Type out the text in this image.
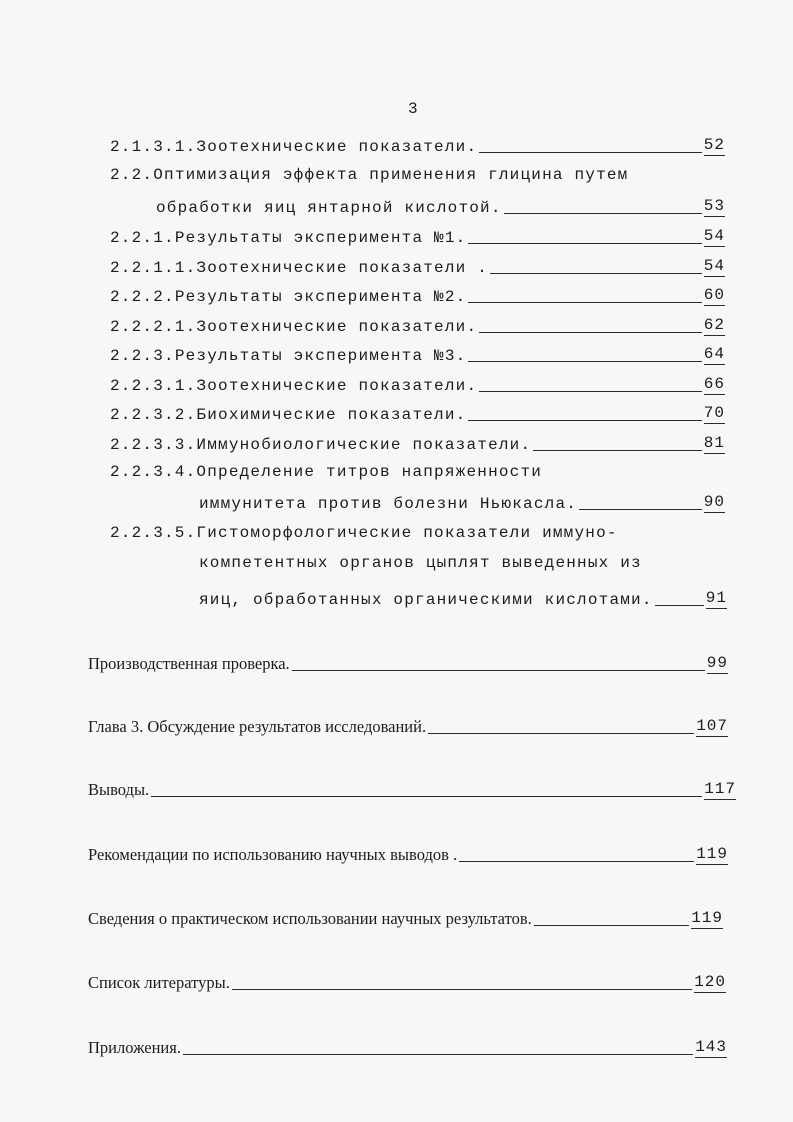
3
2.1.3.1. Зоотехнические показатели.	52
2.2.Оптимизация эффекта применения глицина путем
обработки яиц янтарной кислотой.	53
2.2.1. Результаты эксперимента №1.	54
2.2.1.1. Зоотехнические показатели .	54
2.2.2. Результаты эксперимента №2.	60
2.2.2.1. Зоотехнические показатели.	62
2.2.3. Результаты эксперимента №3.	64
2.2.3.1. Зоотехнические показатели.	66
2.2.3.2. Биохимические показатели.	70
2.2.3.3. Иммунобиологические показатели.	81
2.2.3.4.Определение титров напряженности
иммунитета против болезни Ньюкасла.	90
2.2.3.5.Гистоморфологические показатели иммуно-
компетентных органов цыплят выведенных из
яиц, обработанных органическими кислотами.	91
Производственная проверка.	99
Глава 3. Обсуждение результатов исследований.	107
Выводы.	117
Рекомендации по использованию научных выводов .	119
Сведения о практическом использовании научных результатов.	119
Список литературы.	120
Приложения.	143
